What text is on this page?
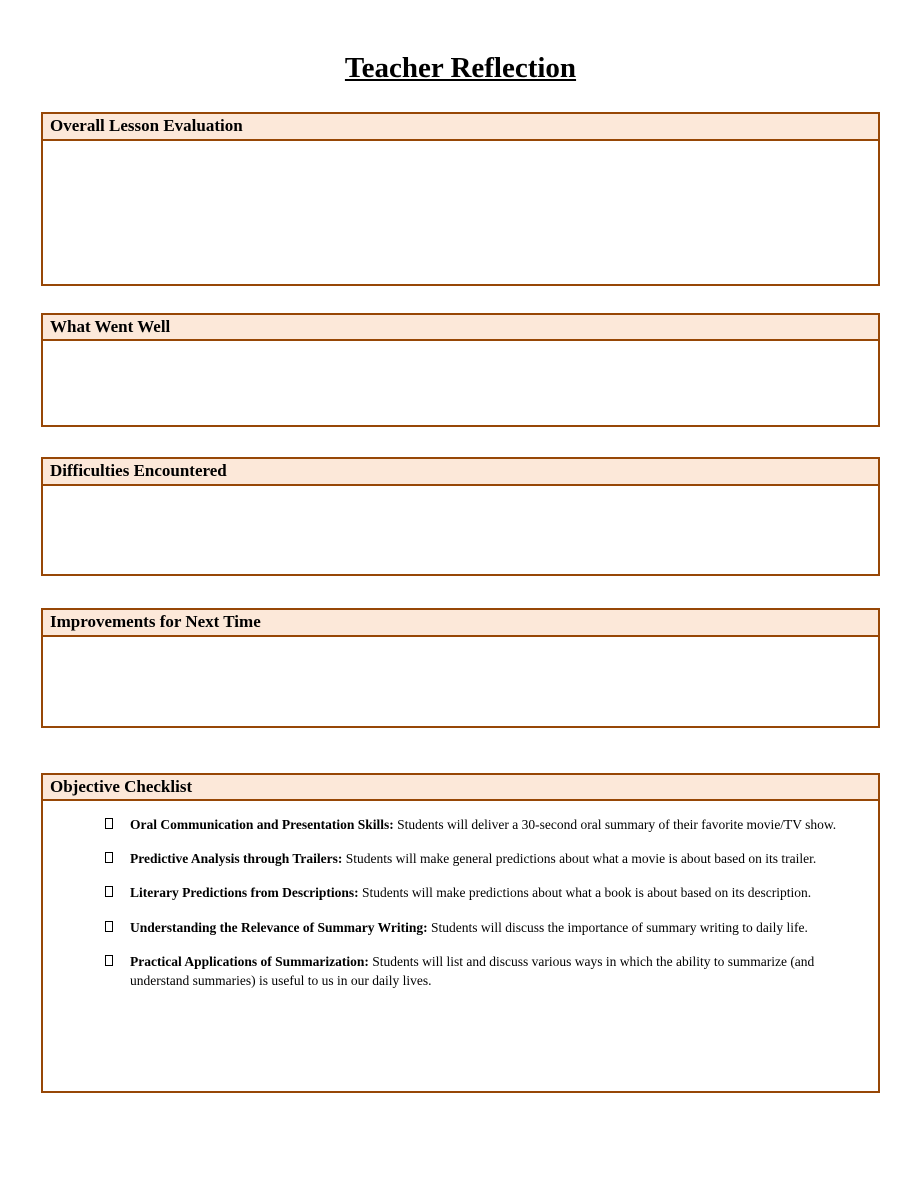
Teacher Reflection
Overall Lesson Evaluation
What Went Well
Difficulties Encountered
Improvements for Next Time
Objective Checklist
Oral Communication and Presentation Skills: Students will deliver a 30-second oral summary of their favorite movie/TV show.
Predictive Analysis through Trailers: Students will make general predictions about what a movie is about based on its trailer.
Literary Predictions from Descriptions: Students will make predictions about what a book is about based on its description.
Understanding the Relevance of Summary Writing: Students will discuss the importance of summary writing to daily life.
Practical Applications of Summarization: Students will list and discuss various ways in which the ability to summarize (and understand summaries) is useful to us in our daily lives.
